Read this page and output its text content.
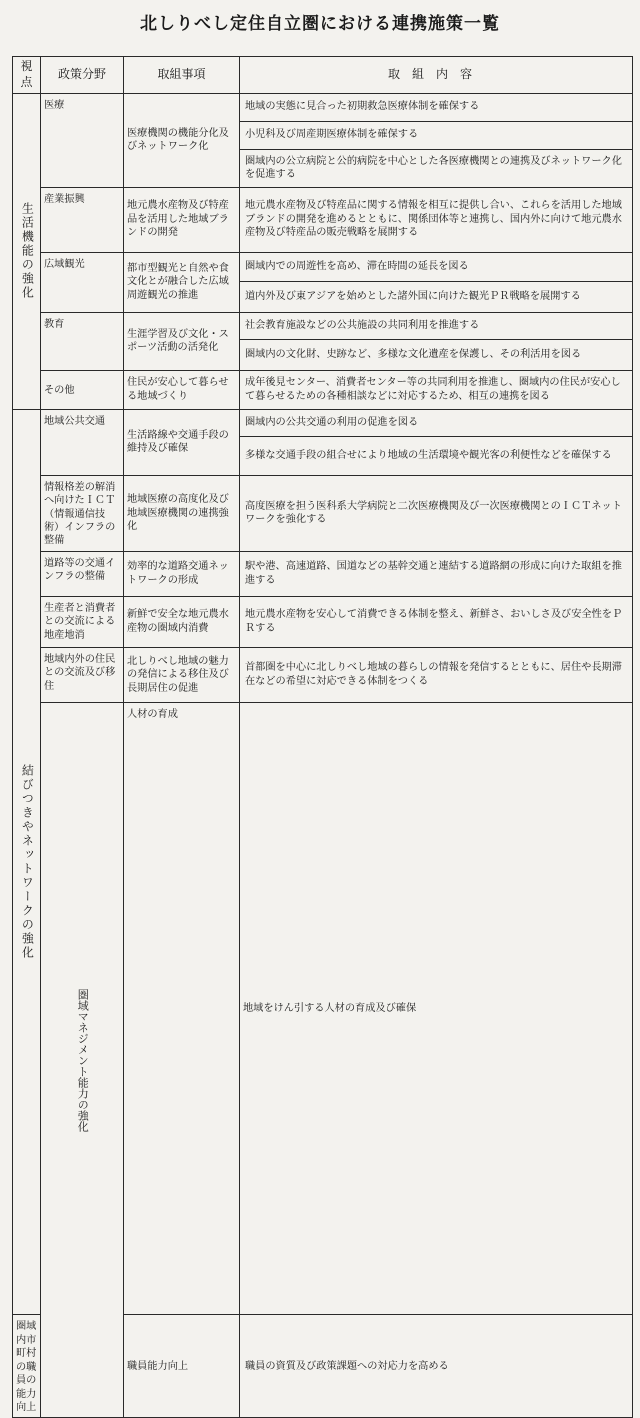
北しりべし定住自立圏における連携施策一覧
視点	政策分野	取組事項	取組内容	
生活機能の強化	医療	医療機関の機能分化及びネットワーク化	地域の実態に見合った初期救急医療体制を確保する	
			小児科及び周産期医療体制を確保する	
			圏域内の公立病院と公的病院を中心とした各医療機関との連携及びネットワーク化を促進する	
	産業振興	地元農水産物及び特産品を活用した地域ブランドの開発	地元農水産物及び特産品に関する情報を相互に提供し合い、これらを活用した地域ブランドの開発を進めるとともに、関係団体等と連携し、国内外に向けて地元農水産物及び特産品の販売戦略を展開する	
	広域観光	都市型観光と自然や食文化とが融合した広域周遊観光の推進	圏域内での周遊性を高め、滞在時間の延長を図る	
			道内外及び東アジアを始めとした諸外国に向けた観光ＰＲ戦略を展開する	
	教育	生涯学習及び文化・スポーツ活動の活発化	社会教育施設などの公共施設の共同利用を推進する	
			圏域内の文化財、史跡など、多様な文化遺産を保護し、その利活用を図る	
	その他	住民が安心して暮らせる地域づくり	成年後見センター、消費者センター等の共同利用を推進し、圏域内の住民が安心して暮らせるための各種相談などに対応するため、相互の連携を図る	
結びつきやネットワークの強化	地域公共交通	生活路線や交通手段の維持及び確保	圏域内の公共交通の利用の促進を図る	
			多様な交通手段の組合せにより地域の生活環境や観光客の利便性などを確保する	
	情報格差の解消へ向けたＩＣＴ（情報通信技術）インフラの整備	地域医療の高度化及び地域医療機関の連携強化	高度医療を担う医科系大学病院と二次医療機関及び一次医療機関とのＩＣＴネットワークを強化する	
	道路等の交通インフラの整備	効率的な道路交通ネットワークの形成	駅や港、高速道路、国道などの基幹交通と連結する道路網の形成に向けた取組を推進する	
	生産者と消費者との交流による地産地消	新鮮で安全な地元農水産物の圏域内消費	地元農水産物を安心して消費できる体制を整え、新鮮さ、おいしさ及び安全性をＰＲする	
	地域内外の住民との交流及び移住	北しりべし地域の魅力の発信による移住及び長期居住の促進	首都圏を中心に北しりべし地域の暮らしの情報を発信するとともに、居住や長期滞在などの希望に対応できる体制をつくる	
	圏域マネジメント能力の強化	人材の育成	地域をけん引する人材の育成及び確保	
圏域内市町村の職員の能力向上		職員能力向上	職員の資質及び政策課題への対応力を高める	
